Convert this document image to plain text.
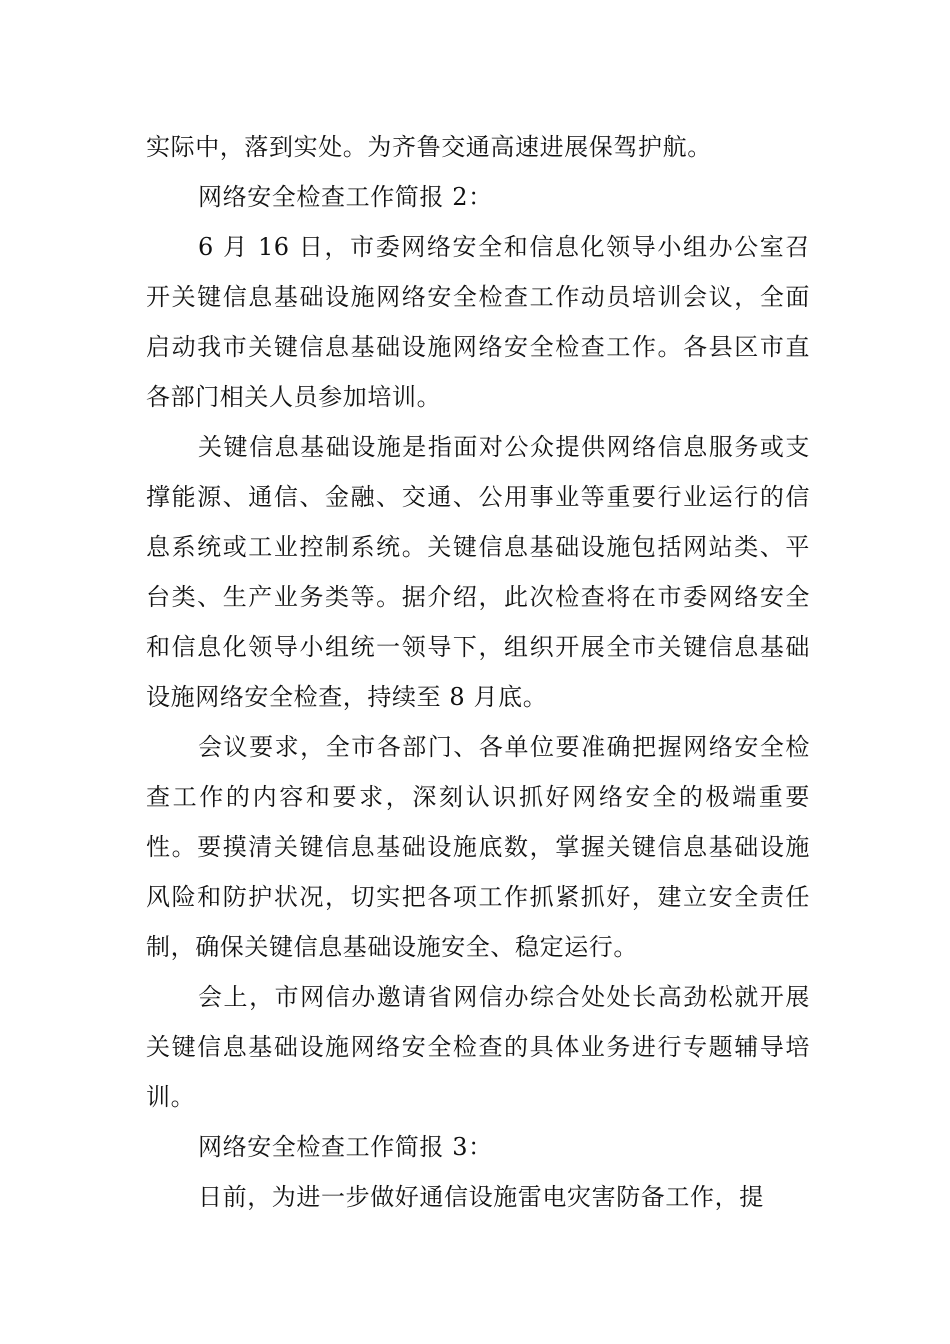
实际中，落到实处。为齐鲁交通高速进展保驾护航。

网络安全检查工作简报 2：

6 月 16 日，市委网络安全和信息化领导小组办公室召开关键信息基础设施网络安全检查工作动员培训会议，全面启动我市关键信息基础设施网络安全检查工作。各县区市直各部门相关人员参加培训。

关键信息基础设施是指面对公众提供网络信息服务或支撑能源、通信、金融、交通、公用事业等重要行业运行的信息系统或工业控制系统。关键信息基础设施包括网站类、平台类、生产业务类等。据介绍，此次检查将在市委网络安全和信息化领导小组统一领导下，组织开展全市关键信息基础设施网络安全检查，持续至 8 月底。

会议要求，全市各部门、各单位要准确把握网络安全检查工作的内容和要求，深刻认识抓好网络安全的极端重要性。要摸清关键信息基础设施底数，掌握关键信息基础设施风险和防护状况，切实把各项工作抓紧抓好，建立安全责任制，确保关键信息基础设施安全、稳定运行。

会上，市网信办邀请省网信办综合处处长高劲松就开展关键信息基础设施网络安全检查的具体业务进行专题辅导培训。

网络安全检查工作简报 3：

日前，为进一步做好通信设施雷电灾害防备工作，提
